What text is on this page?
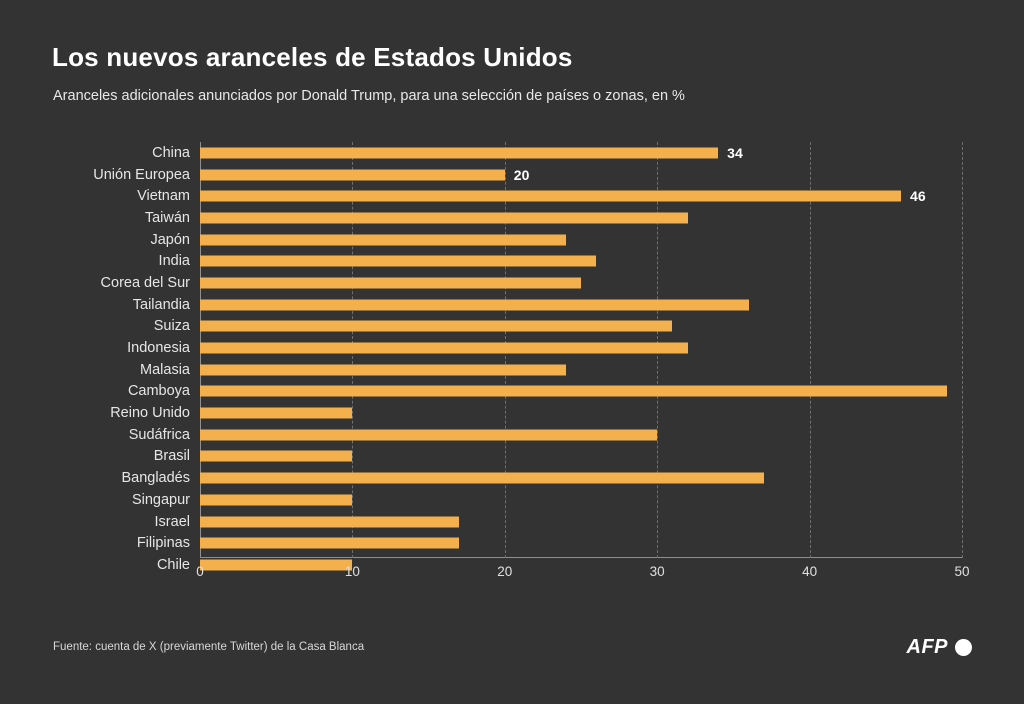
Los nuevos aranceles de Estados Unidos
Aranceles adicionales anunciados por Donald Trump, para una selección de países o zonas, en %
China	34
Unión Europea	20
Vietnam	46
Taiwán
Japón
India
Corea del Sur
Tailandia
Suiza
Indonesia
Malasia
Camboya
Reino Unido
Sudáfrica
Brasil
Bangladés
Singapur
Israel
Filipinas
Chile 0	10	20	30	40	50
Fuente: cuenta de X (previamente Twitter) de la Casa Blanca	AFP
